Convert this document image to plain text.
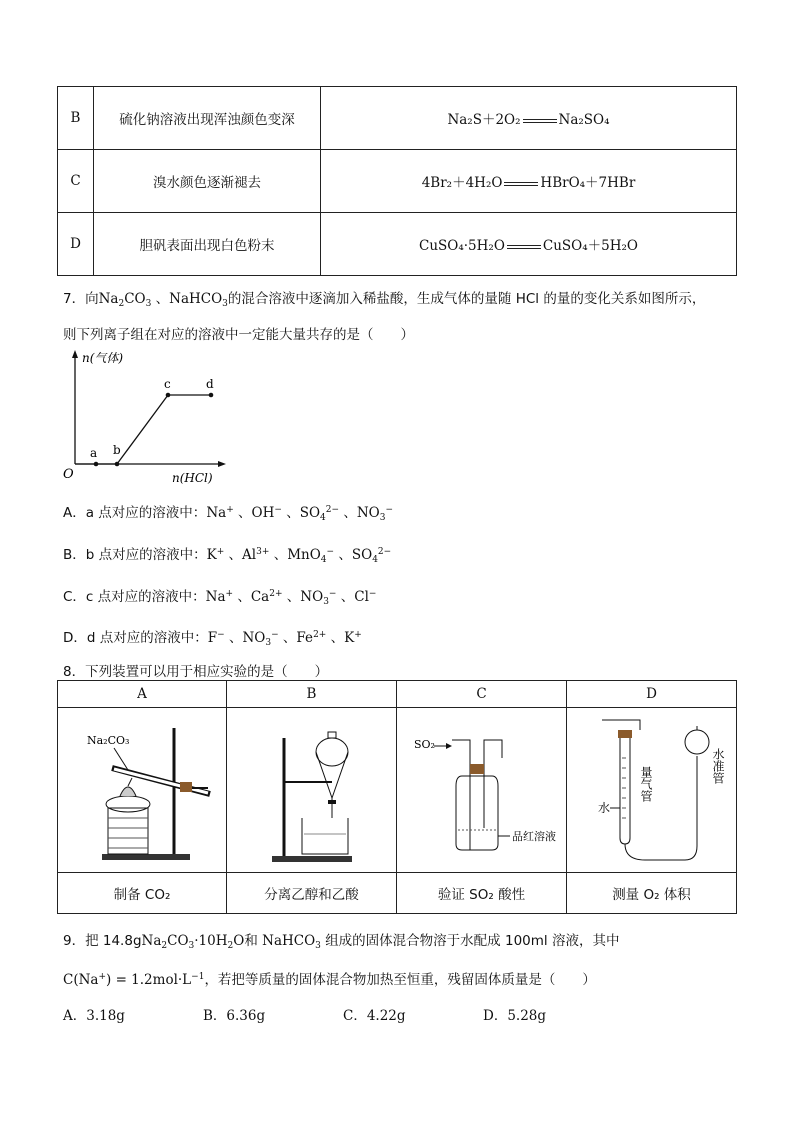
B	硫化钠溶液出现浑浊颜色变深	Na₂S＋2O₂ Na₂SO₄
C	溴水颜色逐渐褪去	4Br₂＋4H₂O HBrO₄＋7HBr
D	胆矾表面出现白色粉末	CuSO₄·5H₂O CuSO₄＋5H₂O
7．向$Na_2CO_3$ 、NaHCO$_3$的混合溶液中逐滴加入稀盐酸，生成气体的量随 HCl 的量的变化关系如图所示，
则下列离子组在对应的溶液中一定能大量共存的是（　　）
n(气体)
n(HCl)
O
a b
c	d
A．a 点对应的溶液中：Na+ 、OH− 、$SO_4^{2-}$ 、$NO_3^-$
B．b 点对应的溶液中：K+ 、$Al^{3+}$ 、MnO$_4$− 、$SO_4^{2-}$
C．c 点对应的溶液中：Na+ 、$Ca^{2+}$ 、$NO_3^-$ 、Cl−
D．d 点对应的溶液中：F− 、$NO_3^-$ 、$Fe^{2+}$ 、K+
8．下列装置可以用于相应实验的是（　　）
A	B	C	D

Na₂CO₃		SO₂
品红溶液	水
量气管 水准管

制备 CO₂	分离乙醇和乙酸	验证 SO₂ 酸性	测量 O₂ 体积
9．把 $14.8gNa_2CO_3\cdot 10H_2O$和 NaHCO$_3$ 组成的固体混合物溶于水配成 100ml 溶液，其中
$C(Na^+) = 1.2mol\cdot L^{-1}$，若把等质量的固体混合物加热至恒重，残留固体质量是（　　）
A．3.18g	B．6.36g	C．4.22g	D．5.28g
